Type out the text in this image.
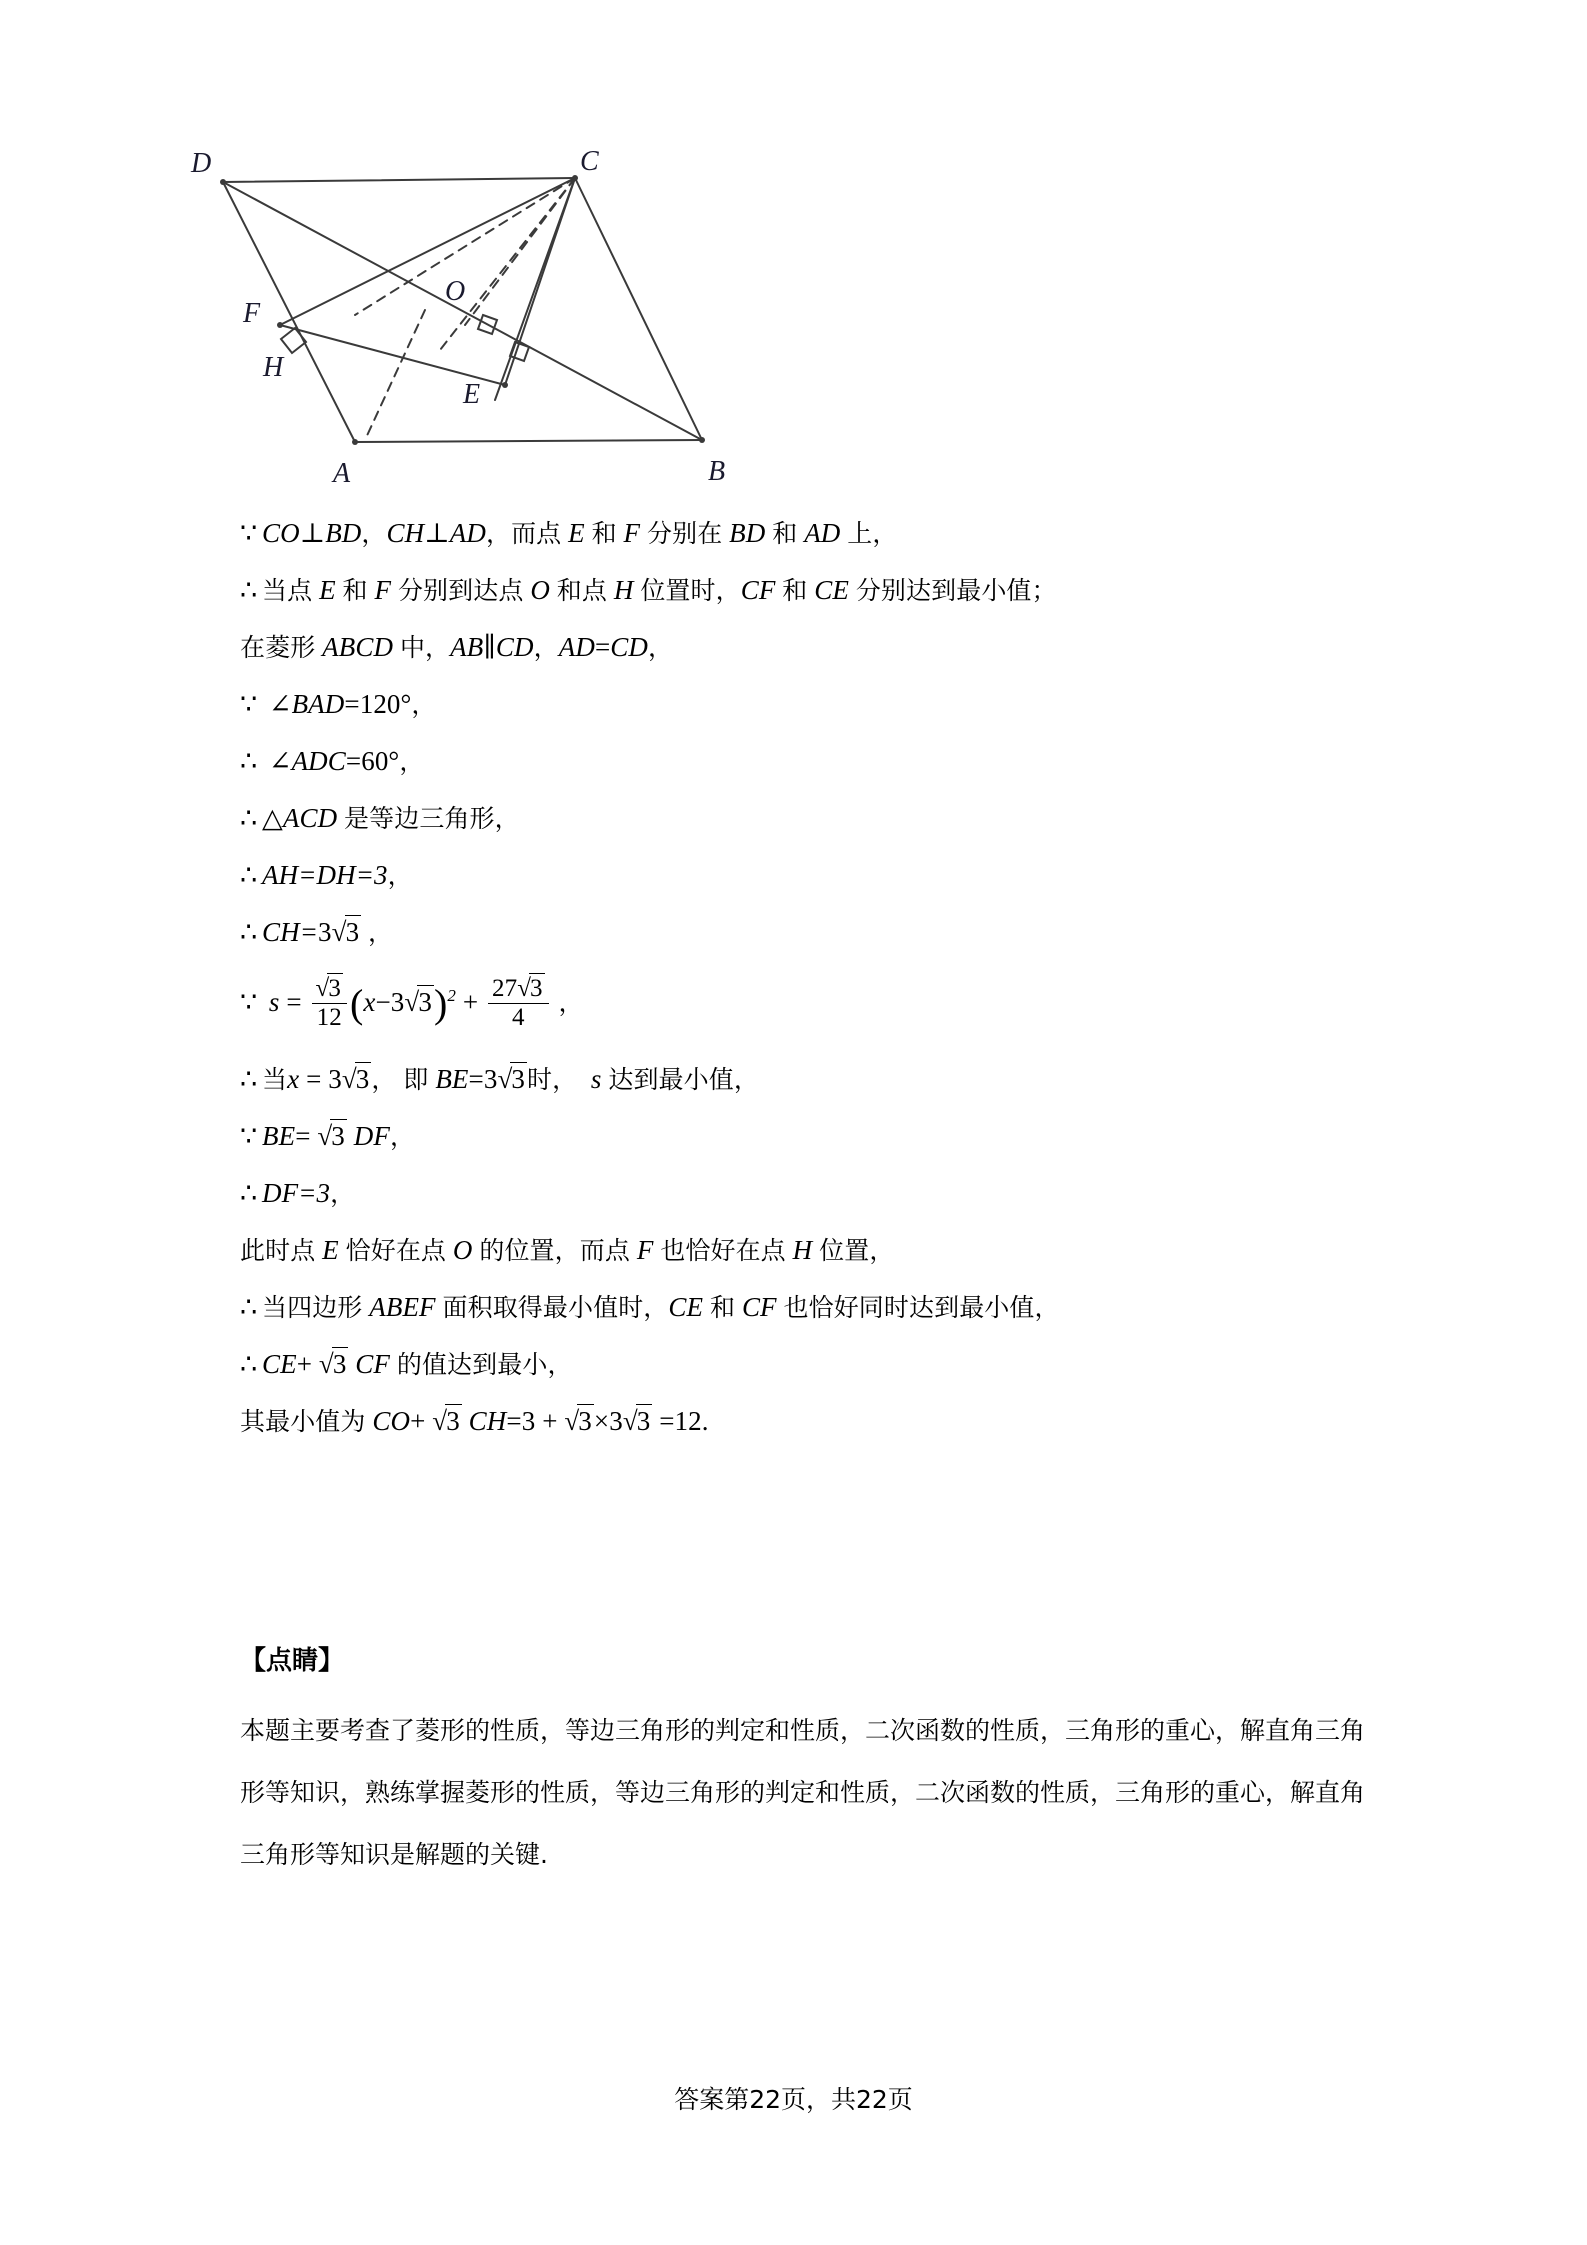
D	C
A	B
F
H
E
O
∵ CO⊥BD，CH⊥AD，而点 E 和 F 分别在 BD 和 AD 上，
∴ 当点 E 和 F 分别到达点 O 和点 H 位置时，CF 和 CE 分别达到最小值；
在菱形 ABCD 中，AB∥CD，AD=CD，
∵ ∠BAD=120°，
∴ ∠ADC=60°，
∴ △ACD 是等边三角形，
∴ AH=DH=3，
∴ CH=3√3 ，
∵ $s = \frac{√3}{12} (x-3√3)^2 + \frac{27√3}{4}$ ，
∴ 当x = 3√3， 即 BE=3√3时， s 达到最小值，
∵ BE= √3 DF，
∴ DF=3，
此时点 E 恰好在点 O 的位置，而点 F 也恰好在点 H 位置，
∴ 当四边形 ABEF 面积取得最小值时，CE 和 CF 也恰好同时达到最小值，
∴ CE+ √3 CF 的值达到最小，
其最小值为 CO+ √3 CH=3 + √3×3√3 =12.
【点睛】
本题主要考查了菱形的性质，等边三角形的判定和性质，二次函数的性质，三角形的重心，解直角三角形等知识，熟练掌握菱形的性质，等边三角形的判定和性质，二次函数的性质，三角形的重心，解直角三角形等知识是解题的关键.
答案第22页，共22页
